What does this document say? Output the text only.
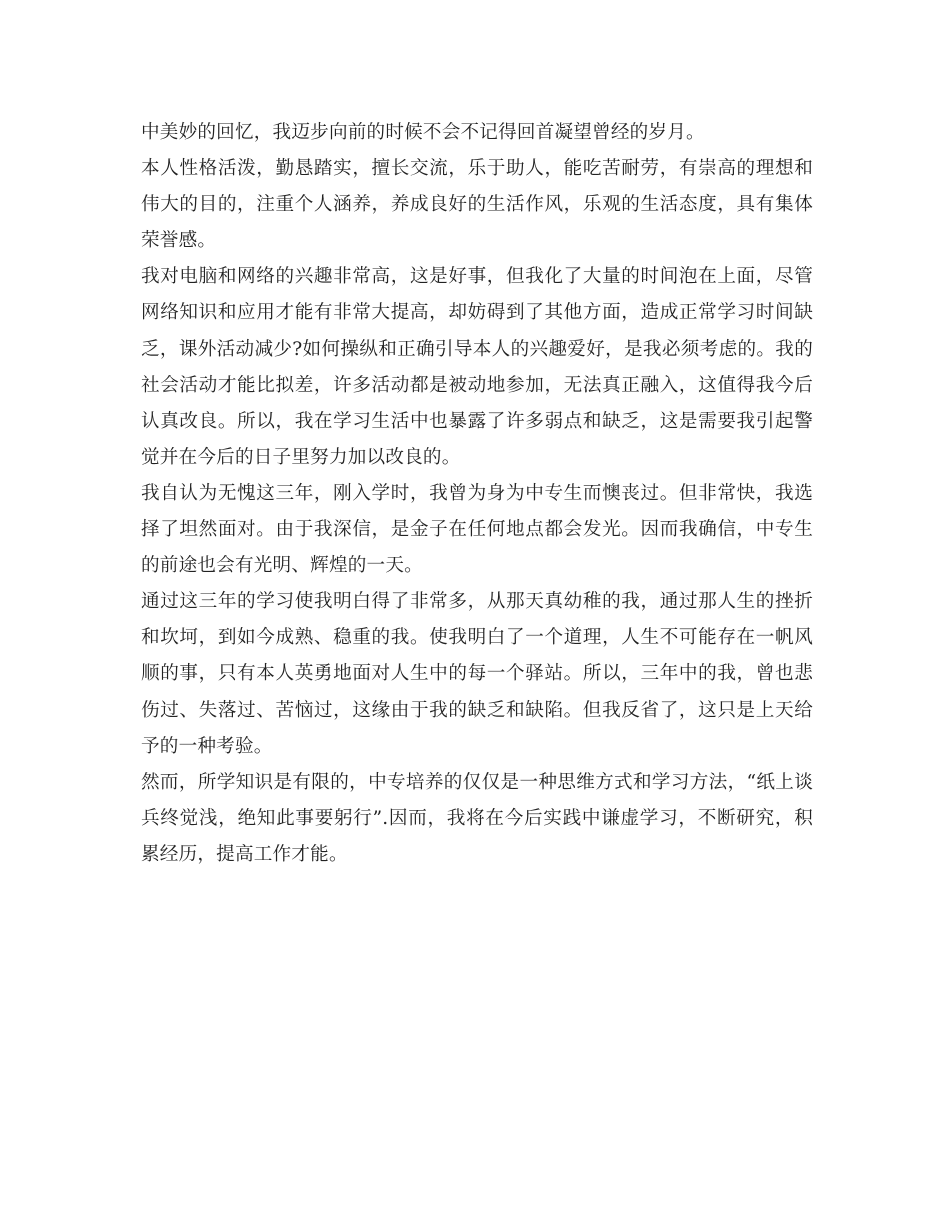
中美妙的回忆，我迈步向前的时候不会不记得回首凝望曾经的岁月。

本人性格活泼，勤恳踏实，擅长交流，乐于助人，能吃苦耐劳，有崇高的理想和伟大的目的，注重个人涵养，养成良好的生活作风，乐观的生活态度，具有集体荣誉感。

我对电脑和网络的兴趣非常高，这是好事，但我化了大量的时间泡在上面，尽管网络知识和应用才能有非常大提高，却妨碍到了其他方面，造成正常学习时间缺乏，课外活动减少?如何操纵和正确引导本人的兴趣爱好，是我必须考虑的。我的社会活动才能比拟差，许多活动都是被动地参加，无法真正融入，这值得我今后认真改良。所以，我在学习生活中也暴露了许多弱点和缺乏，这是需要我引起警觉并在今后的日子里努力加以改良的。

我自认为无愧这三年，刚入学时，我曾为身为中专生而懊丧过。但非常快，我选择了坦然面对。由于我深信，是金子在任何地点都会发光。因而我确信，中专生的前途也会有光明、辉煌的一天。

通过这三年的学习使我明白得了非常多，从那天真幼稚的我，通过那人生的挫折和坎坷，到如今成熟、稳重的我。使我明白了一个道理，人生不可能存在一帆风顺的事，只有本人英勇地面对人生中的每一个驿站。所以，三年中的我，曾也悲伤过、失落过、苦恼过，这缘由于我的缺乏和缺陷。但我反省了，这只是上天给予的一种考验。

然而，所学知识是有限的，中专培养的仅仅是一种思维方式和学习方法，“纸上谈兵终觉浅，绝知此事要躬行”.因而，我将在今后实践中谦虚学习，不断研究，积累经历，提高工作才能。
